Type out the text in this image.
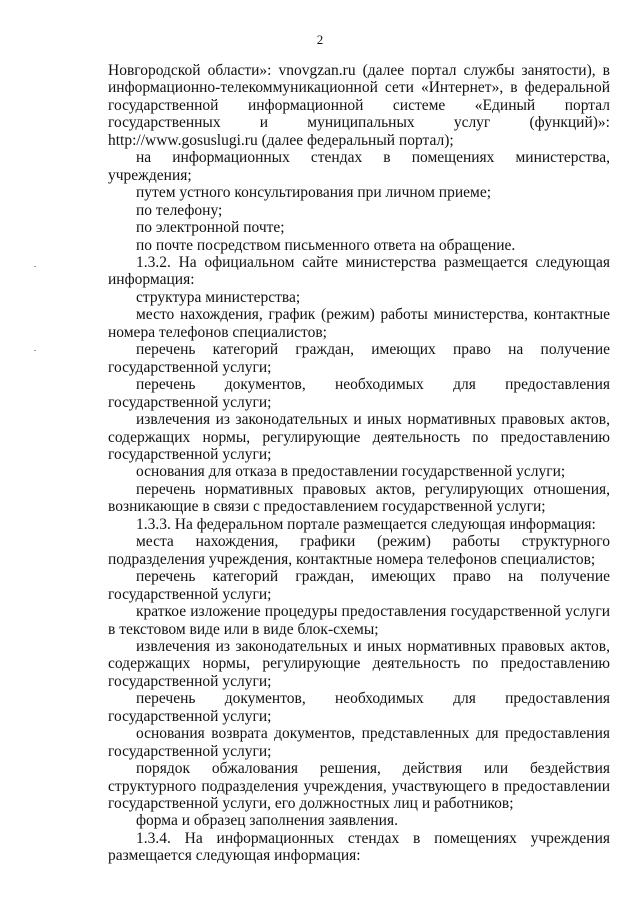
2

Новгородской области»: vnovgzan.ru (далее портал службы занятости), в информационно-телекоммуникационной сети «Интернет», в федеральной государственной информационной системе «Единый портал государственных и муниципальных услуг (функций)»: http://www.gosuslugi.ru (далее федеральный портал);

на информационных стендах в помещениях министерства, учреждения;

путем устного консультирования при личном приеме;

по телефону;

по электронной почте;

по почте посредством письменного ответа на обращение.

1.3.2. На официальном сайте министерства размещается следующая информация:

структура министерства;

место нахождения, график (режим) работы министерства, контактные номера телефонов специалистов;

перечень категорий граждан, имеющих право на получение государственной услуги;

перечень документов, необходимых для предоставления государственной услуги;

извлечения из законодательных и иных нормативных правовых актов, содержащих нормы, регулирующие деятельность по предоставлению государственной услуги;

основания для отказа в предоставлении государственной услуги;

перечень нормативных правовых актов, регулирующих отношения, возникающие в связи с предоставлением государственной услуги;

1.3.3. На федеральном портале размещается следующая информация:

места нахождения, графики (режим) работы структурного подразделения учреждения, контактные номера телефонов специалистов;

перечень категорий граждан, имеющих право на получение государственной услуги;

краткое изложение процедуры предоставления государственной услуги в текстовом виде или в виде блок-схемы;

извлечения из законодательных и иных нормативных правовых актов, содержащих нормы, регулирующие деятельность по предоставлению государственной услуги;

перечень документов, необходимых для предоставления государственной услуги;

основания возврата документов, представленных для предоставления государственной услуги;

порядок обжалования решения, действия или бездействия структурного подразделения учреждения, участвующего в предоставлении государственной услуги, его должностных лиц и работников;

форма и образец заполнения заявления.

1.3.4. На информационных стендах в помещениях учреждения размещается следующая информация:
